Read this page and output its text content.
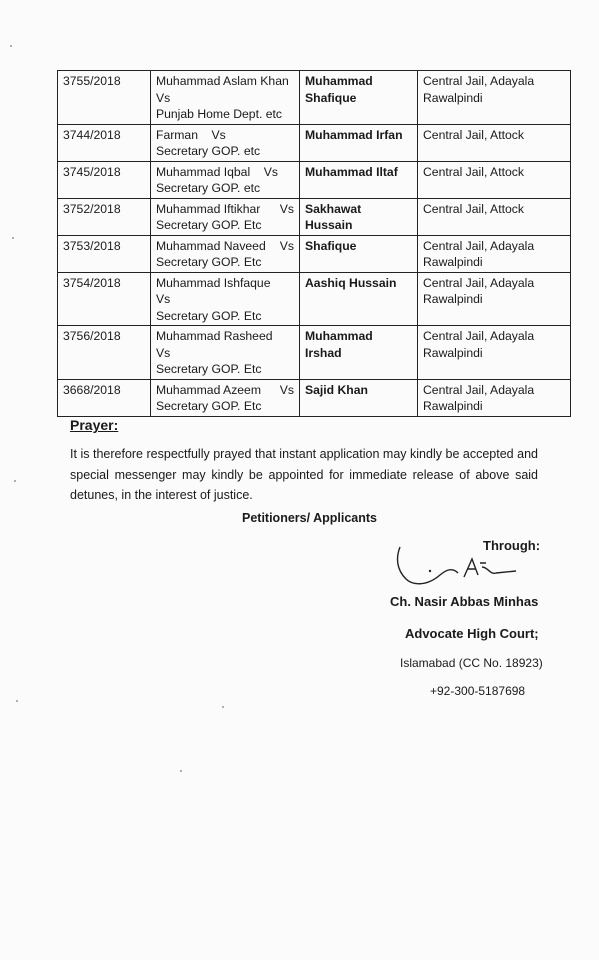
3755/2018	Muhammad Aslam Khan
Vs
Punjab Home Dept. etc	Muhammad Shafique	Central Jail, Adayala Rawalpindi
3744/2018	Farman Vs
Secretary GOP. etc	Muhammad Irfan	Central Jail, Attock
3745/2018	Muhammad Iqbal Vs
Secretary GOP. etc	Muhammad Iltaf	Central Jail, Attock
3752/2018	Muhammad Iftikhar Vs
Secretary GOP. Etc	Sakhawat Hussain	Central Jail, Attock
3753/2018	Muhammad Naveed Vs
Secretary GOP. Etc	Shafique	Central Jail, Adayala Rawalpindi
3754/2018	Muhammad Ishfaque
Vs
Secretary GOP. Etc	Aashiq Hussain	Central Jail, Adayala Rawalpindi
3756/2018	Muhammad Rasheed
Vs
Secretary GOP. Etc	Muhammad Irshad	Central Jail, Adayala Rawalpindi
3668/2018	Muhammad Azeem Vs
Secretary GOP. Etc	Sajid Khan	Central Jail, Adayala Rawalpindi
Prayer:
It is therefore respectfully prayed that instant application may kindly be accepted and special messenger may kindly be appointed for immediate release of above said detunes, in the interest of justice.
Petitioners/ Applicants
Through:
Ch. Nasir Abbas Minhas
Advocate High Court;
Islamabad (CC No. 18923)
+92-300-5187698
